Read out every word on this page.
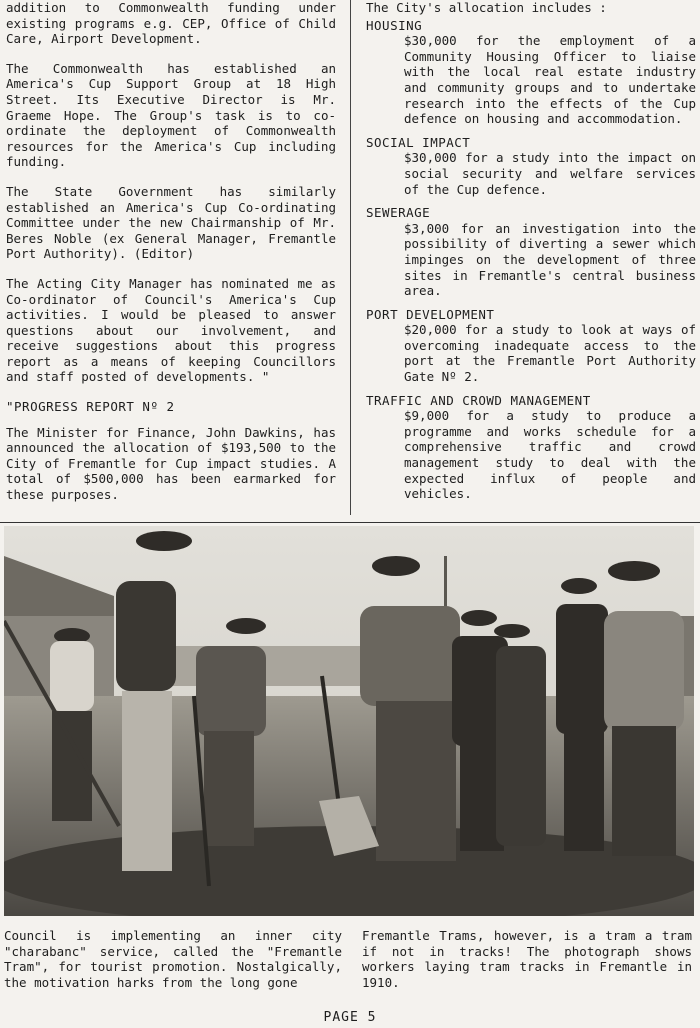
addition to Commonwealth funding under existing programs e.g. CEP, Office of Child Care, Airport Development.

The Commonwealth has established an America's Cup Support Group at 18 High Street. Its Executive Director is Mr. Graeme Hope. The Group's task is to co-ordinate the deployment of Commonwealth resources for the America's Cup including funding.

The State Government has similarly established an America's Cup Co-ordinating Committee under the new Chairmanship of Mr. Beres Noble (ex General Manager, Fremantle Port Authority). (Editor)

The Acting City Manager has nominated me as Co-ordinator of Council's America's Cup activities. I would be pleased to answer questions about our involvement, and receive suggestions about this progress report as a means of keeping Councillors and staff posted of developments. "

"PROGRESS REPORT Nº 2

The Minister for Finance, John Dawkins, has announced the allocation of $193,500 to the City of Fremantle for Cup impact studies. A total of $500,000 has been earmarked for these purposes.

The City's allocation includes :

HOUSING
$30,000 for the employment of a Community Housing Officer to liaise with the local real estate industry and community groups and to undertake research into the effects of the Cup defence on housing and accommodation.
SOCIAL IMPACT
$30,000 for a study into the impact on social security and welfare services of the Cup defence.
SEWERAGE
$3,000 for an investigation into the possibility of diverting a sewer which impinges on the development of three sites in Fremantle's central business area.
PORT DEVELOPMENT
$20,000 for a study to look at ways of overcoming inadequate access to the port at the Fremantle Port Authority Gate Nº 2.
TRAFFIC AND CROWD MANAGEMENT
$9,000 for a study to produce a programme and works schedule for a comprehensive traffic and crowd management study to deal with the expected influx of people and vehicles.
Council is implementing an inner city "charabanc" service, called the "Fremantle Tram", for tourist promotion. Nostalgically, the motivation harks from the long gone
Fremantle Trams, however, is a tram a tram if not in tracks! The photograph shows workers laying tram tracks in Fremantle in 1910.
PAGE 5
